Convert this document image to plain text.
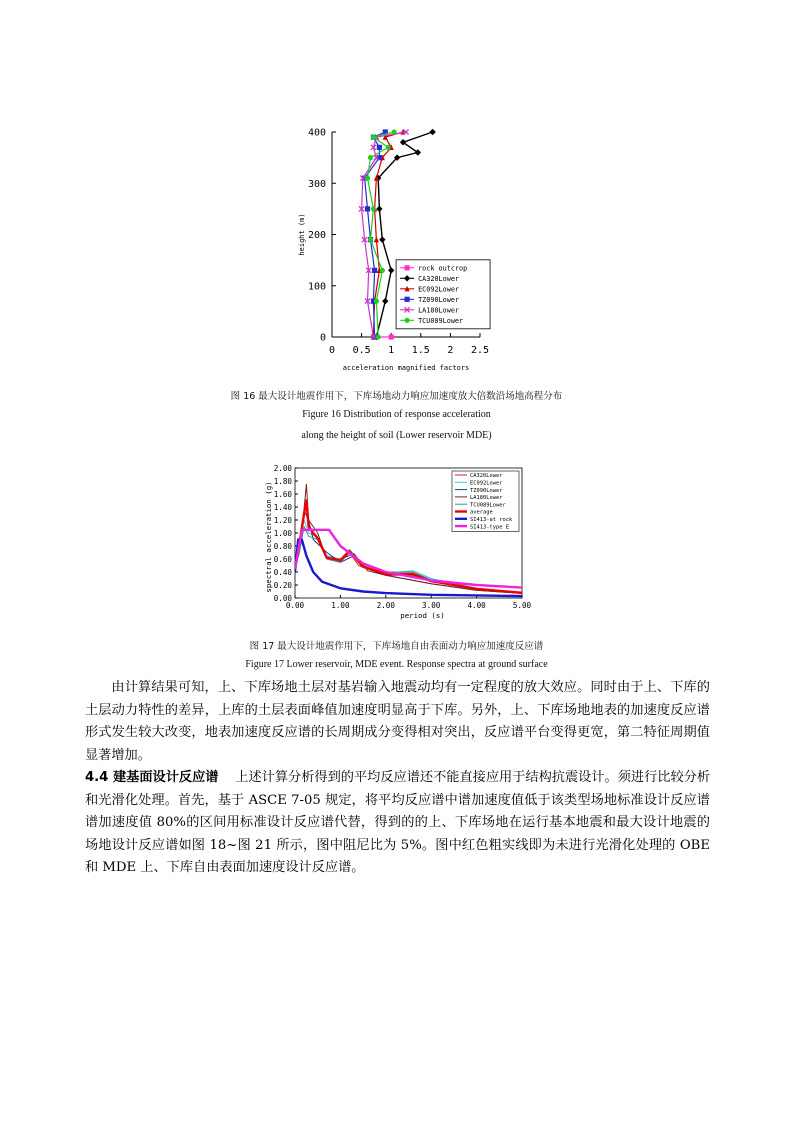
0
100
200
300
400
0 0.5 1 1.5 2 2.5
acceleration magnified factors
height (m)
rock outcrop
CA320Lower
EC092Lower
TZ090Lower
LA180Lower
TCU089Lower
图 16 最大设计地震作用下，下库场地动力响应加速度放大倍数沿场地高程分布
Figure 16 Distribution of response acceleration
along the height of soil (Lower reservoir MDE)
0.00
0.20
0.40
0.60
0.80
1.00
1.20
1.40
1.60
1.80
2.00
0.00	1.00	2.00	3.00	4.00	5.00
period (s)
spectral acceleration (g)
CA320Lower
EC092Lower
TZ090Lower
LA180Lower
TCU089Lower
average
SI413-at rock
SI413-type E
图 17 最大设计地震作用下，下库场地自由表面动力响应加速度反应谱
Figure 17 Lower reservoir, MDE event. Response spectra at ground surface

由计算结果可知，上、下库场地土层对基岩输入地震动均有一定程度的放大效应。同时由于上、下库的土层动力特性的差异，上库的土层表面峰值加速度明显高于下库。另外，上、下库场地地表的加速度反应谱形式发生较大改变，地表加速度反应谱的长周期成分变得相对突出，反应谱平台变得更宽，第二特征周期值显著增加。

4.4 建基面设计反应谱 上述计算分析得到的平均反应谱还不能直接应用于结构抗震设计。须进行比较分析和光滑化处理。首先，基于 ASCE 7-05 规定，将平均反应谱中谱加速度值低于该类型场地标准设计反应谱谱加速度值 80%的区间用标准设计反应谱代替，得到的的上、下库场地在运行基本地震和最大设计地震的场地设计反应谱如图 18~图 21 所示，图中阻尼比为 5%。图中红色粗实线即为未进行光滑化处理的 OBE 和 MDE 上、下库自由表面加速度设计反应谱。
